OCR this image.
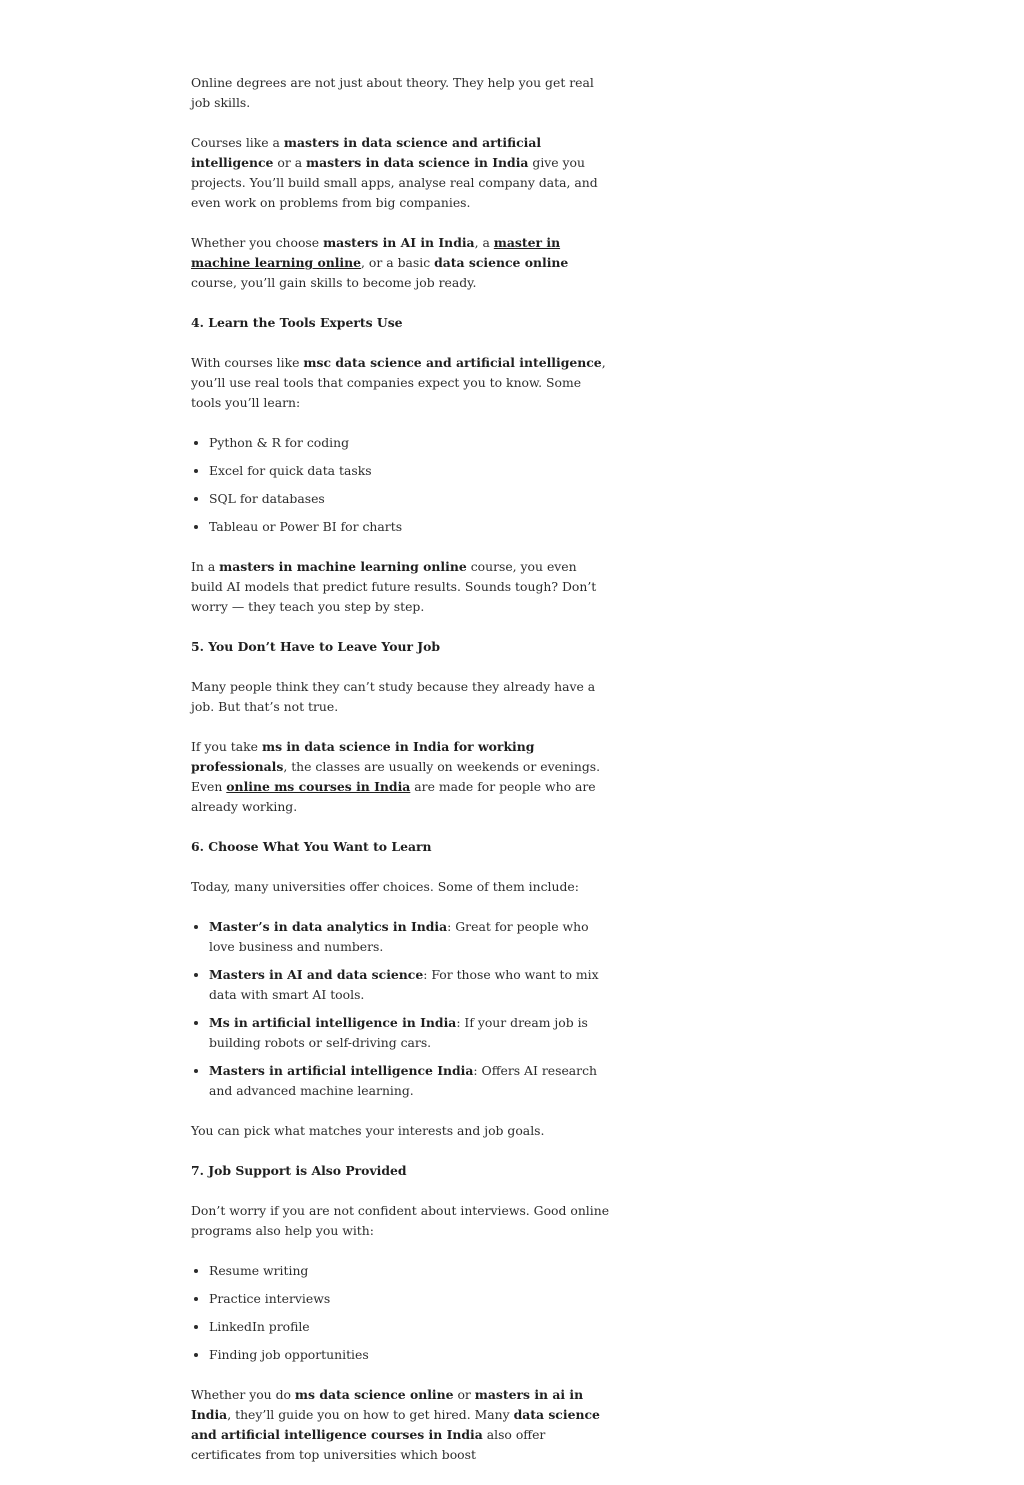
Online degrees are not just about theory. They help you get real job skills.

Courses like a masters in data science and artificial intelligence or a masters in data science in India give you projects. You’ll build small apps, analyse real company data, and even work on problems from big companies.

Whether you choose masters in AI in India, a master in machine learning online, or a basic data science online course, you’ll gain skills to become job ready.

4. Learn the Tools Experts Use

With courses like msc data science and artificial intelligence, you’ll use real tools that companies expect you to know. Some tools you’ll learn:

• Python & R for coding
• Excel for quick data tasks
• SQL for databases
• Tableau or Power BI for charts

In a masters in machine learning online course, you even build AI models that predict future results. Sounds tough? Don’t worry — they teach you step by step.

5. You Don’t Have to Leave Your Job

Many people think they can’t study because they already have a job. But that’s not true.

If you take ms in data science in India for working professionals, the classes are usually on weekends or evenings. Even online ms courses in India are made for people who are already working.

6. Choose What You Want to Learn

Today, many universities offer choices. Some of them include:

• Master’s in data analytics in India: Great for people who love business and numbers.
• Masters in AI and data science: For those who want to mix data with smart AI tools.
• Ms in artificial intelligence in India: If your dream job is building robots or self-driving cars.
• Masters in artificial intelligence India: Offers AI research and advanced machine learning.

You can pick what matches your interests and job goals.

7. Job Support is Also Provided

Don’t worry if you are not confident about interviews. Good online programs also help you with:

• Resume writing
• Practice interviews
• LinkedIn profile
• Finding job opportunities

Whether you do ms data science online or masters in ai in India, they’ll guide you on how to get hired. Many data science and artificial intelligence courses in India also offer certificates from top universities which boost
